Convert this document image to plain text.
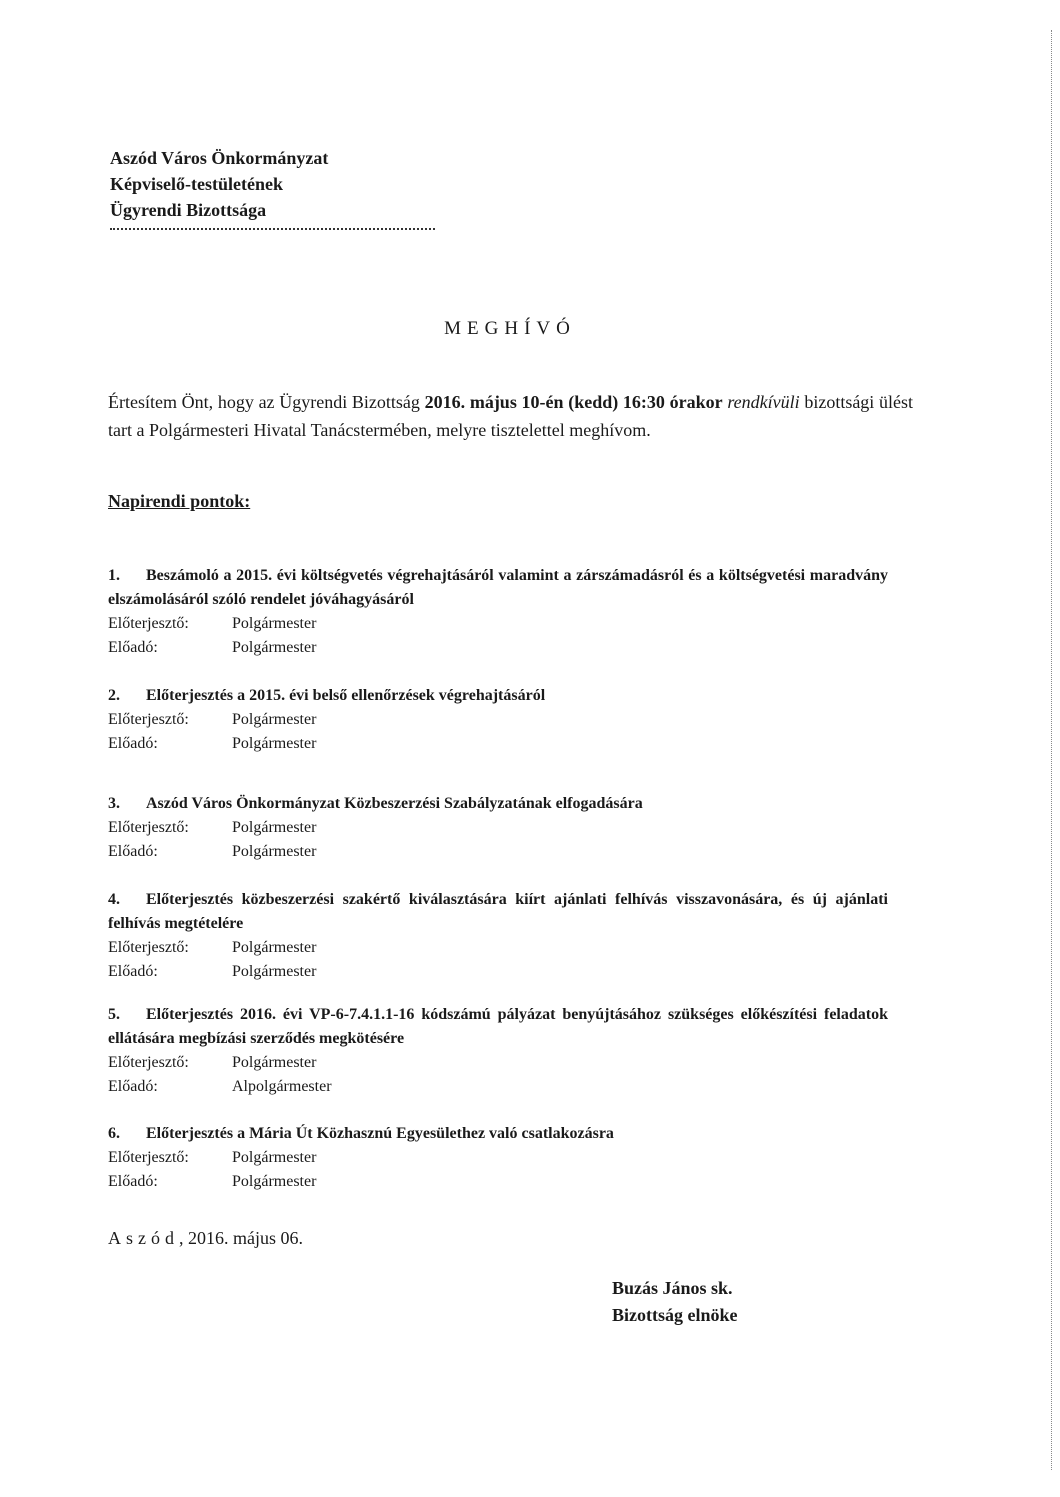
Aszód Város Önkormányzat
Képviselő-testületének
Ügyrendi Bizottsága
MEGHÍVÓ
Értesítem Önt, hogy az Ügyrendi Bizottság 2016. május 10-én (kedd) 16:30 órakor rendkívüli bizottsági ülést tart a Polgármesteri Hivatal Tanácstermében, melyre tisztelettel meghívom.
Napirendi pontok:
1. Beszámoló a 2015. évi költségvetés végrehajtásáról valamint a zárszámadásról és a költségvetési maradvány elszámolásáról szóló rendelet jóváhagyásáról
Előterjesztő:	Polgármester
Előadó:	Polgármester
2. Előterjesztés a 2015. évi belső ellenőrzések végrehajtásáról
Előterjesztő:	Polgármester
Előadó:	Polgármester
3. Aszód Város Önkormányzat Közbeszerzési Szabályzatának elfogadására
Előterjesztő:	Polgármester
Előadó:	Polgármester
4. Előterjesztés közbeszerzési szakértő kiválasztására kiírt ajánlati felhívás visszavonására, és új ajánlati felhívás megtételére
Előterjesztő:	Polgármester
Előadó:	Polgármester
5. Előterjesztés 2016. évi VP-6-7.4.1.1-16 kódszámú pályázat benyújtásához szükséges előkészítési feladatok ellátására megbízási szerződés megkötésére
Előterjesztő:	Polgármester
Előadó:	Alpolgármester
6. Előterjesztés a Mária Út Közhasznú Egyesülethez való csatlakozásra
Előterjesztő:	Polgármester
Előadó:	Polgármester
Aszód, 2016. május 06.
Buzás János sk.
Bizottság elnöke
